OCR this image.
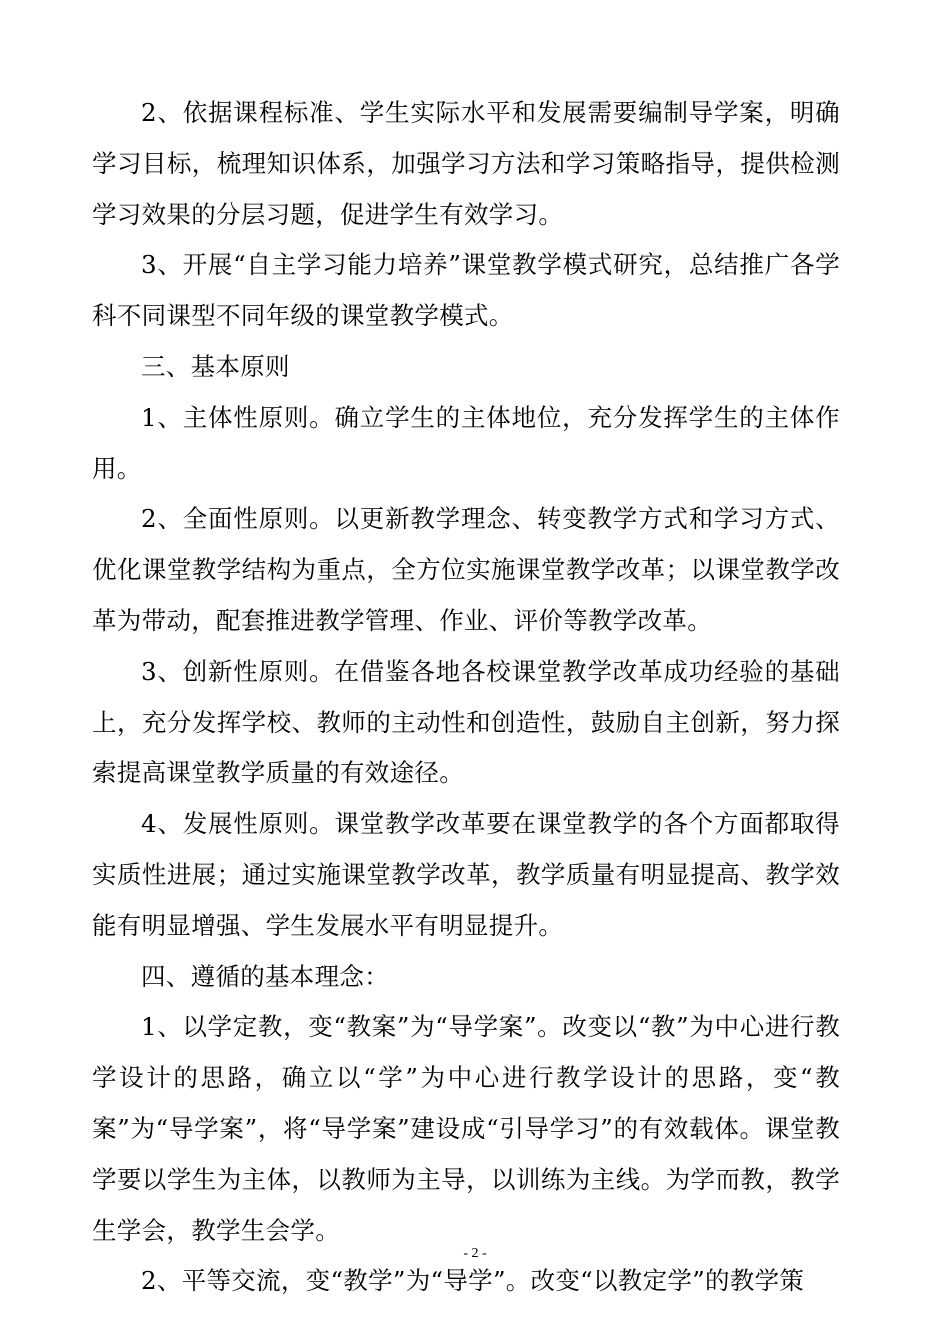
2、依据课程标准、学生实际水平和发展需要编制导学案，明确学习目标，梳理知识体系，加强学习方法和学习策略指导，提供检测学习效果的分层习题，促进学生有效学习。

3、开展“自主学习能力培养”课堂教学模式研究，总结推广各学科不同课型不同年级的课堂教学模式。

三、基本原则

1、主体性原则。确立学生的主体地位，充分发挥学生的主体作用。

2、全面性原则。以更新教学理念、转变教学方式和学习方式、优化课堂教学结构为重点，全方位实施课堂教学改革；以课堂教学改革为带动，配套推进教学管理、作业、评价等教学改革。

3、创新性原则。在借鉴各地各校课堂教学改革成功经验的基础上，充分发挥学校、教师的主动性和创造性，鼓励自主创新，努力探索提高课堂教学质量的有效途径。

4、发展性原则。课堂教学改革要在课堂教学的各个方面都取得实质性进展；通过实施课堂教学改革，教学质量有明显提高、教学效能有明显增强、学生发展水平有明显提升。

四、遵循的基本理念：

1、以学定教，变“教案”为“导学案”。改变以“教”为中心进行教学设计的思路，确立以“学”为中心进行教学设计的思路，变“教案”为“导学案”，将“导学案”建设成“引导学习”的有效载体。课堂教学要以学生为主体，以教师为主导，以训练为主线。为学而教，教学生学会，教学生会学。

2、平等交流，变“教学”为“导学”。改变“以教定学”的教学策

- 2 -
